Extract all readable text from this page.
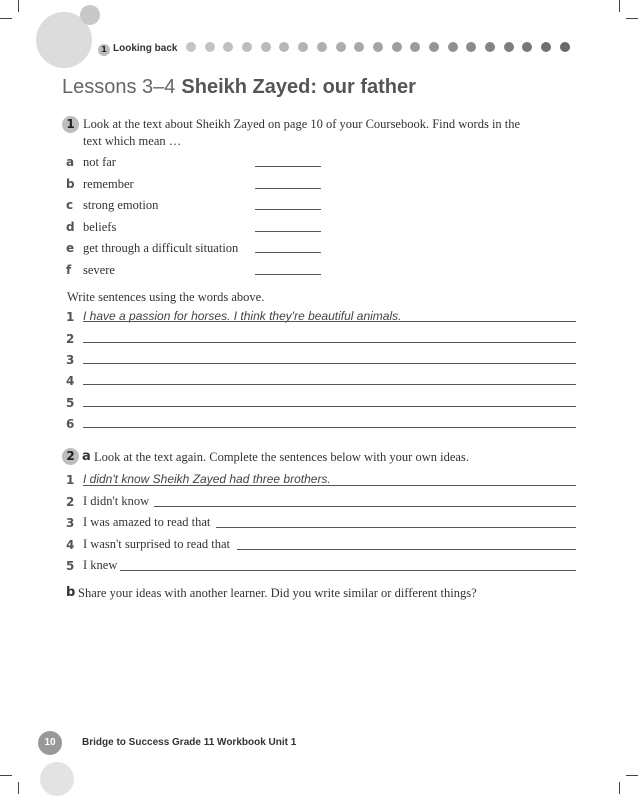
1 Looking back
Lessons 3–4 Sheikh Zayed: our father
1 Look at the text about Sheikh Zayed on page 10 of your Coursebook. Find words in the
text which mean …
a not far
b remember
c strong emotion
d beliefs
e get through a difficult situation
f severe
Write sentences using the words above.
1 I have a passion for horses. I think they're beautiful animals.
2
3
4
5
6
2 a Look at the text again. Complete the sentences below with your own ideas.
1 I didn't know Sheikh Zayed had three brothers.
2 I didn't know
3 I was amazed to read that
4 I wasn't surprised to read that
5 I knew
b Share your ideas with another learner. Did you write similar or different things?
10	Bridge to Success Grade 11 Workbook Unit 1
